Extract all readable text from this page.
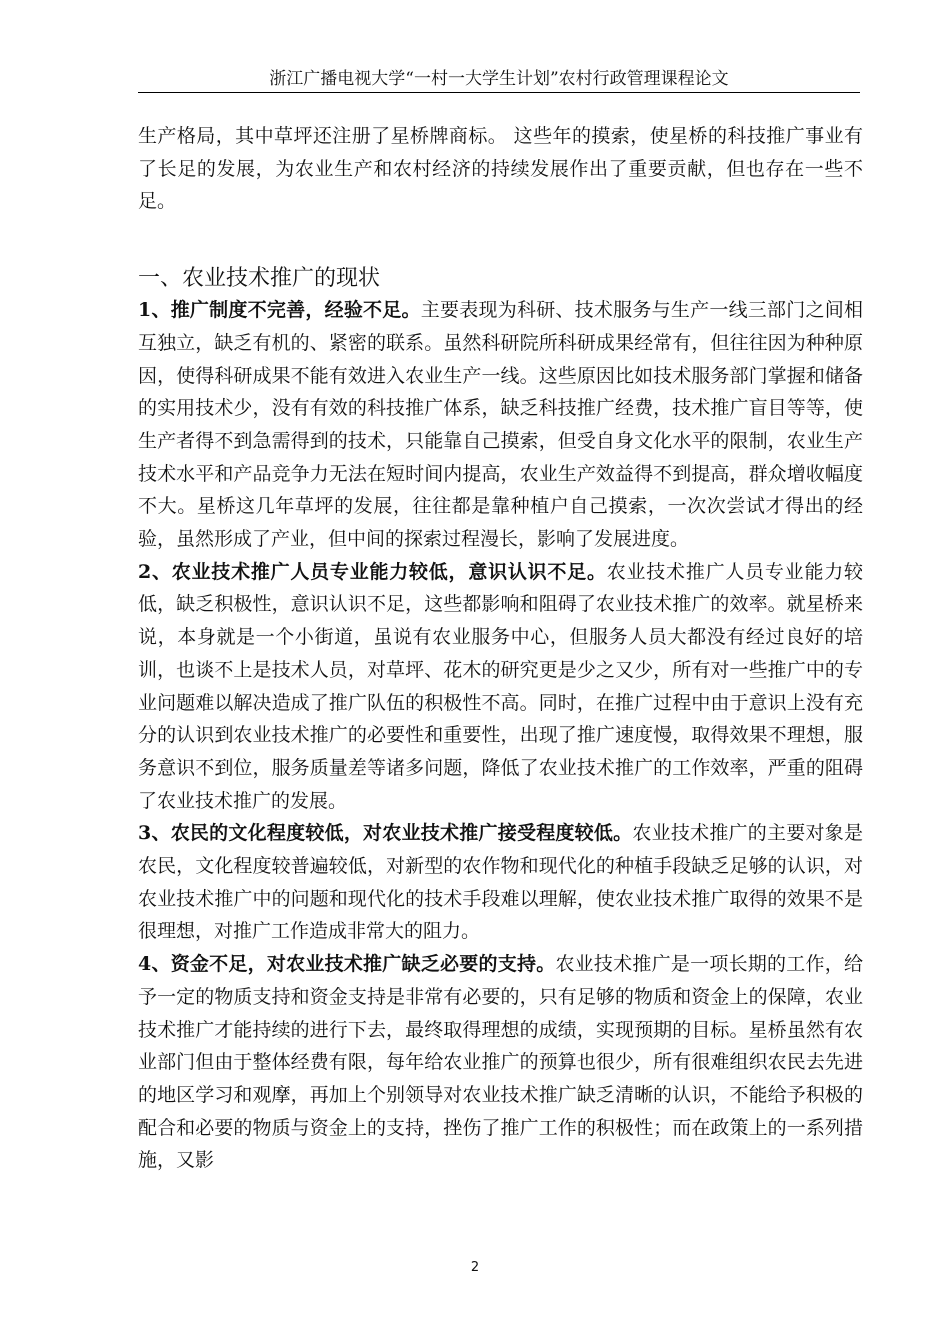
浙江广播电视大学“一村一大学生计划”农村行政管理课程论文

生产格局，其中草坪还注册了星桥牌商标。 这些年的摸索，使星桥的科技推广事业有了长足的发展，为农业生产和农村经济的持续发展作出了重要贡献，但也存在一些不足。

一、农业技术推广的现状

1、推广制度不完善，经验不足。主要表现为科研、技术服务与生产一线三部门之间相互独立，缺乏有机的、紧密的联系。虽然科研院所科研成果经常有，但往往因为种种原因，使得科研成果不能有效进入农业生产一线。这些原因比如技术服务部门掌握和储备的实用技术少，没有有效的科技推广体系，缺乏科技推广经费，技术推广盲目等等，使生产者得不到急需得到的技术，只能靠自己摸索，但受自身文化水平的限制，农业生产技术水平和产品竞争力无法在短时间内提高，农业生产效益得不到提高，群众增收幅度不大。星桥这几年草坪的发展，往往都是靠种植户自己摸索，一次次尝试才得出的经验，虽然形成了产业，但中间的探索过程漫长，影响了发展进度。

2、农业技术推广人员专业能力较低，意识认识不足。农业技术推广人员专业能力较低，缺乏积极性，意识认识不足，这些都影响和阻碍了农业技术推广的效率。就星桥来说，本身就是一个小街道，虽说有农业服务中心，但服务人员大都没有经过良好的培训，也谈不上是技术人员，对草坪、花木的研究更是少之又少，所有对一些推广中的专业问题难以解决造成了推广队伍的积极性不高。同时，在推广过程中由于意识上没有充分的认识到农业技术推广的必要性和重要性，出现了推广速度慢，取得效果不理想，服务意识不到位，服务质量差等诸多问题，降低了农业技术推广的工作效率，严重的阻碍了农业技术推广的发展。

3、农民的文化程度较低，对农业技术推广接受程度较低。农业技术推广的主要对象是农民，文化程度较普遍较低，对新型的农作物和现代化的种植手段缺乏足够的认识，对农业技术推广中的问题和现代化的技术手段难以理解，使农业技术推广取得的效果不是很理想，对推广工作造成非常大的阻力。

4、资金不足，对农业技术推广缺乏必要的支持。农业技术推广是一项长期的工作，给予一定的物质支持和资金支持是非常有必要的，只有足够的物质和资金上的保障，农业技术推广才能持续的进行下去，最终取得理想的成绩，实现预期的目标。星桥虽然有农业部门但由于整体经费有限，每年给农业推广的预算也很少，所有很难组织农民去先进的地区学习和观摩，再加上个别领导对农业技术推广缺乏清晰的认识，不能给予积极的配合和必要的物质与资金上的支持，挫伤了推广工作的积极性；而在政策上的一系列措施，又影

2
